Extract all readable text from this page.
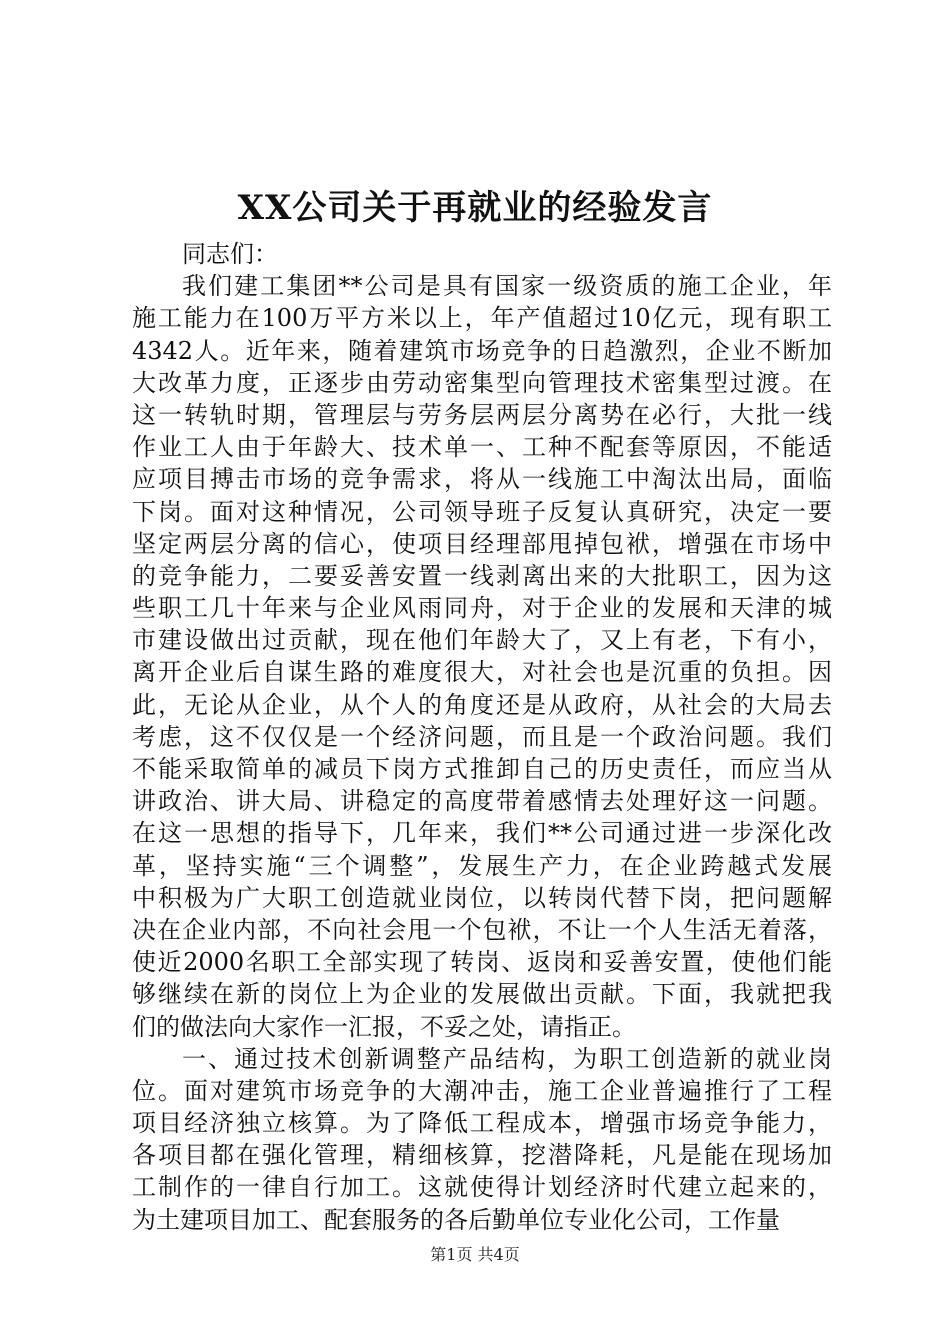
XX公司关于再就业的经验发言
同志们：
我们建工集团**公司是具有国家一级资质的施工企业，年
施工能力在100万平方米以上，年产值超过10亿元，现有职工
4342人。近年来，随着建筑市场竞争的日趋激烈，企业不断加
大改革力度，正逐步由劳动密集型向管理技术密集型过渡。在
这一转轨时期，管理层与劳务层两层分离势在必行，大批一线
作业工人由于年龄大、技术单一、工种不配套等原因，不能适
应项目搏击市场的竞争需求，将从一线施工中淘汰出局，面临
下岗。面对这种情况，公司领导班子反复认真研究，决定一要
坚定两层分离的信心，使项目经理部甩掉包袱，增强在市场中
的竞争能力，二要妥善安置一线剥离出来的大批职工，因为这
些职工几十年来与企业风雨同舟，对于企业的发展和天津的城
市建设做出过贡献，现在他们年龄大了，又上有老，下有小，
离开企业后自谋生路的难度很大，对社会也是沉重的负担。因
此，无论从企业，从个人的角度还是从政府，从社会的大局去
考虑，这不仅仅是一个经济问题，而且是一个政治问题。我们
不能采取简单的减员下岗方式推卸自己的历史责任，而应当从
讲政治、讲大局、讲稳定的高度带着感情去处理好这一问题。
在这一思想的指导下，几年来，我们**公司通过进一步深化改
革，坚持实施“三个调整”，发展生产力，在企业跨越式发展
中积极为广大职工创造就业岗位，以转岗代替下岗，把问题解
决在企业内部，不向社会甩一个包袱，不让一个人生活无着落，
使近2000名职工全部实现了转岗、返岗和妥善安置，使他们能
够继续在新的岗位上为企业的发展做出贡献。下面，我就把我
们的做法向大家作一汇报，不妥之处，请指正。
一、通过技术创新调整产品结构，为职工创造新的就业岗
位。面对建筑市场竞争的大潮冲击，施工企业普遍推行了工程
项目经济独立核算。为了降低工程成本，增强市场竞争能力，
各项目都在强化管理，精细核算，挖潜降耗，凡是能在现场加
工制作的一律自行加工。这就使得计划经济时代建立起来的，
为土建项目加工、配套服务的各后勤单位专业化公司，工作量
第1页 共4页
